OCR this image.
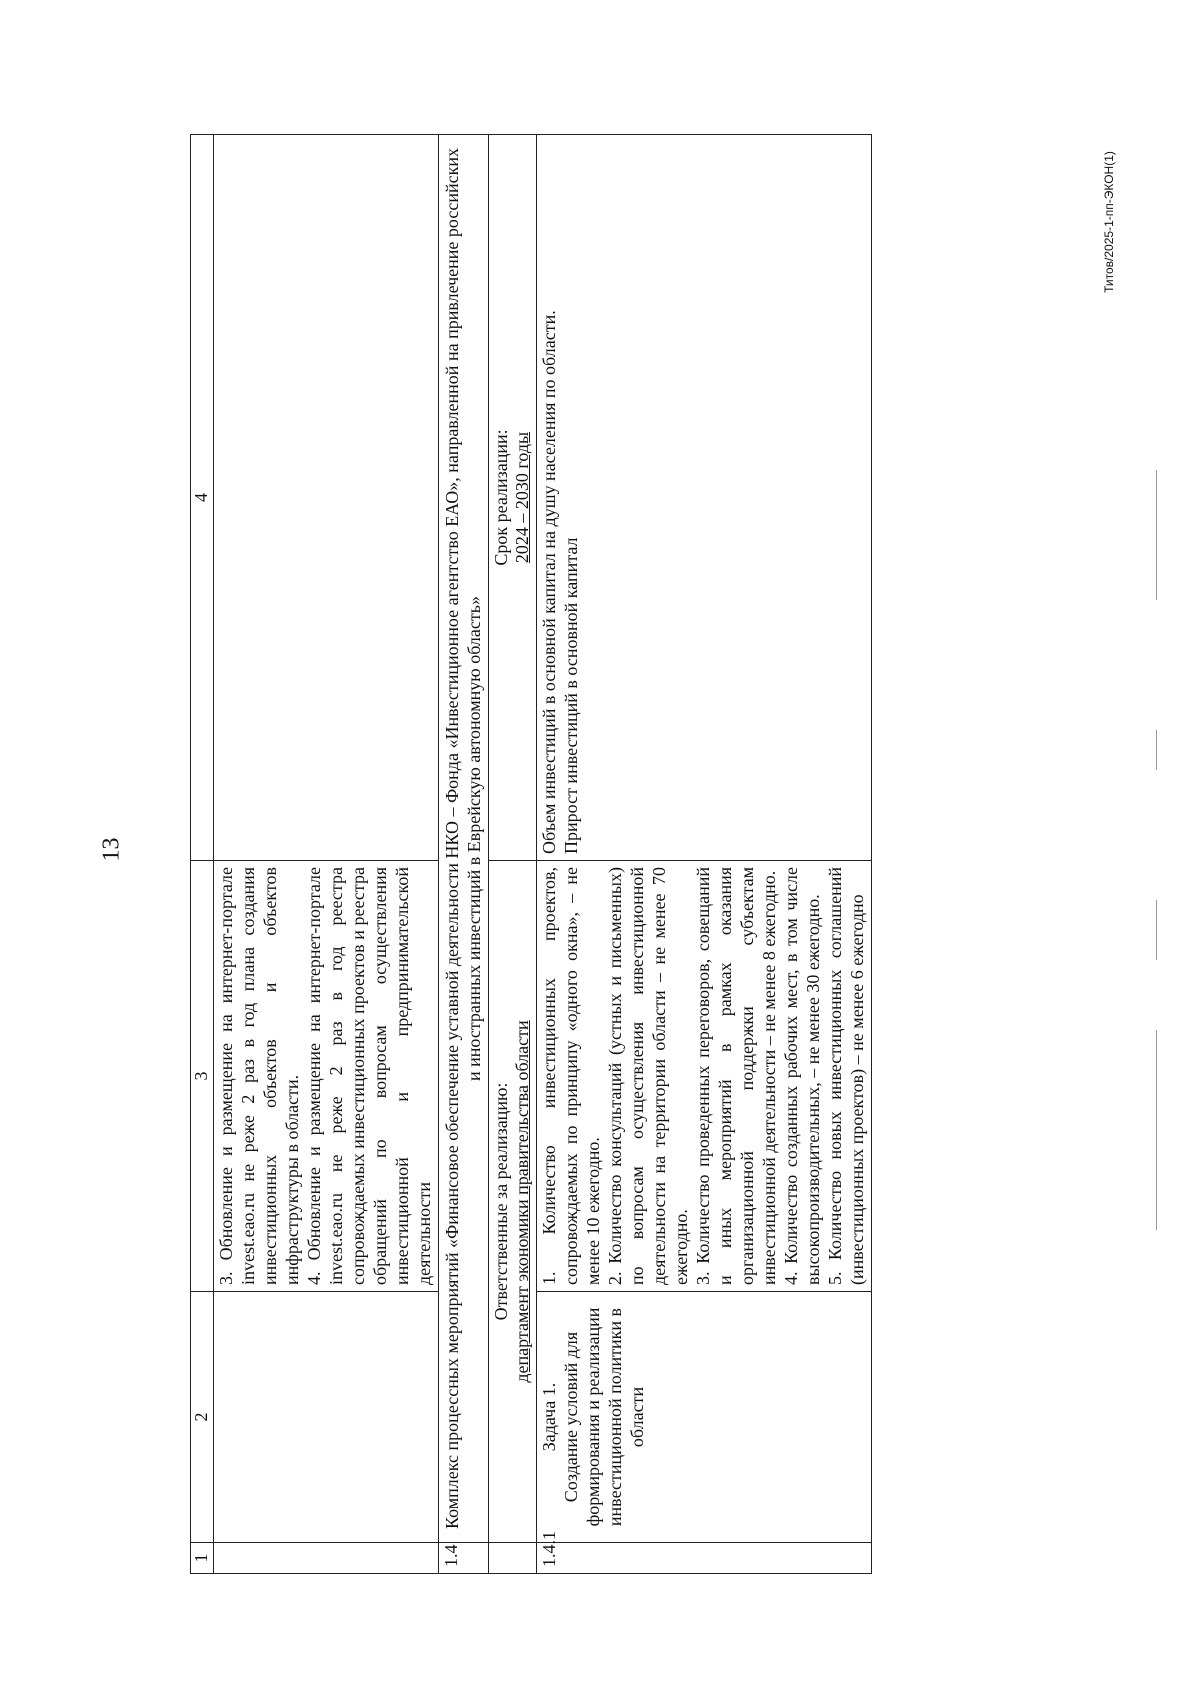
13
Титов/2025-1-пп-ЭКОН(1)
1	2	3	4

		3. Обновление и размещение на интернет-портале invest.eao.ru не реже 2 раз в год плана создания инвестиционных объектов и объектов инфраструктуры в области. 4. Обновление и размещение на интернет-портале invest.eao.ru не реже 2 раз в год реестра сопровождаемых инвестиционных проектов и реестра обращений по вопросам осуществления инвестиционной и предпринимательской деятельности	

1.4	Комплекс процессных мероприятий «Финансовое обеспечение уставной деятельности НКО – Фонда «Инвестиционное агентство ЕАО», направленной на привлечение российских и иностранных инвестиций в Еврейскую автономную область»		

	Ответственные за реализацию: департамент экономики правительства области		Срок реализации: 2024 – 2030 годы

1.4.1	Задача 1. Создание условий для формирования и реализации инвестиционной политики в области	1. Количество инвестиционных проектов, сопровождаемых по принципу «одного окна», – не менее 10 ежегодно. 2. Количество консультаций (устных и письменных) по вопросам осуществления инвестиционной деятельности на территории области – не менее 70 ежегодно. 3. Количество проведенных переговоров, совещаний и иных мероприятий в рамках оказания организационной поддержки субъектам инвестиционной деятельности – не менее 8 ежегодно. 4. Количество созданных рабочих мест, в том числе высокопроизводительных, – не менее 30 ежегодно. 5. Количество новых инвестиционных соглашений (инвестиционных проектов) – не менее 6 ежегодно	Объем инвестиций в основной капитал на душу населения по области. Прирост инвестиций в основной капитал
